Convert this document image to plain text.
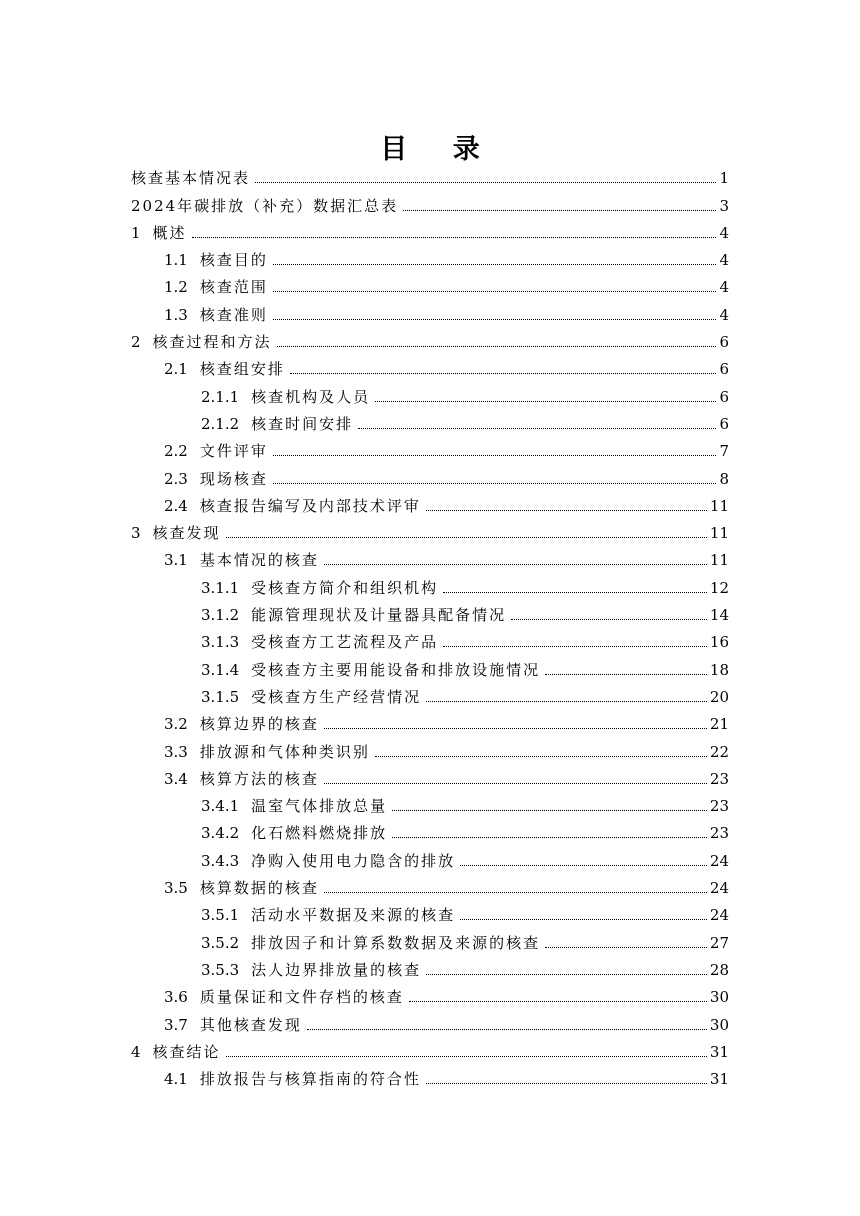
目 录
核查基本情况表	1
2024年碳排放（补充）数据汇总表	3
1 概述	4
1.1 核查目的	4
1.2 核查范围	4
1.3 核查准则	4
2 核查过程和方法	6
2.1 核查组安排	6
2.1.1 核查机构及人员	6
2.1.2 核查时间安排	6
2.2 文件评审	7
2.3 现场核查	8
2.4 核查报告编写及内部技术评审	11
3 核查发现	11
3.1 基本情况的核查	11
3.1.1 受核查方简介和组织机构	12
3.1.2 能源管理现状及计量器具配备情况	14
3.1.3 受核查方工艺流程及产品	16
3.1.4 受核查方主要用能设备和排放设施情况	18
3.1.5 受核查方生产经营情况	20
3.2 核算边界的核查	21
3.3 排放源和气体种类识别	22
3.4 核算方法的核查	23
3.4.1 温室气体排放总量	23
3.4.2 化石燃料燃烧排放	23
3.4.3 净购入使用电力隐含的排放	24
3.5 核算数据的核查	24
3.5.1 活动水平数据及来源的核查	24
3.5.2 排放因子和计算系数数据及来源的核查	27
3.5.3 法人边界排放量的核查	28
3.6 质量保证和文件存档的核查	30
3.7 其他核查发现	30
4 核查结论	31
4.1 排放报告与核算指南的符合性	31
